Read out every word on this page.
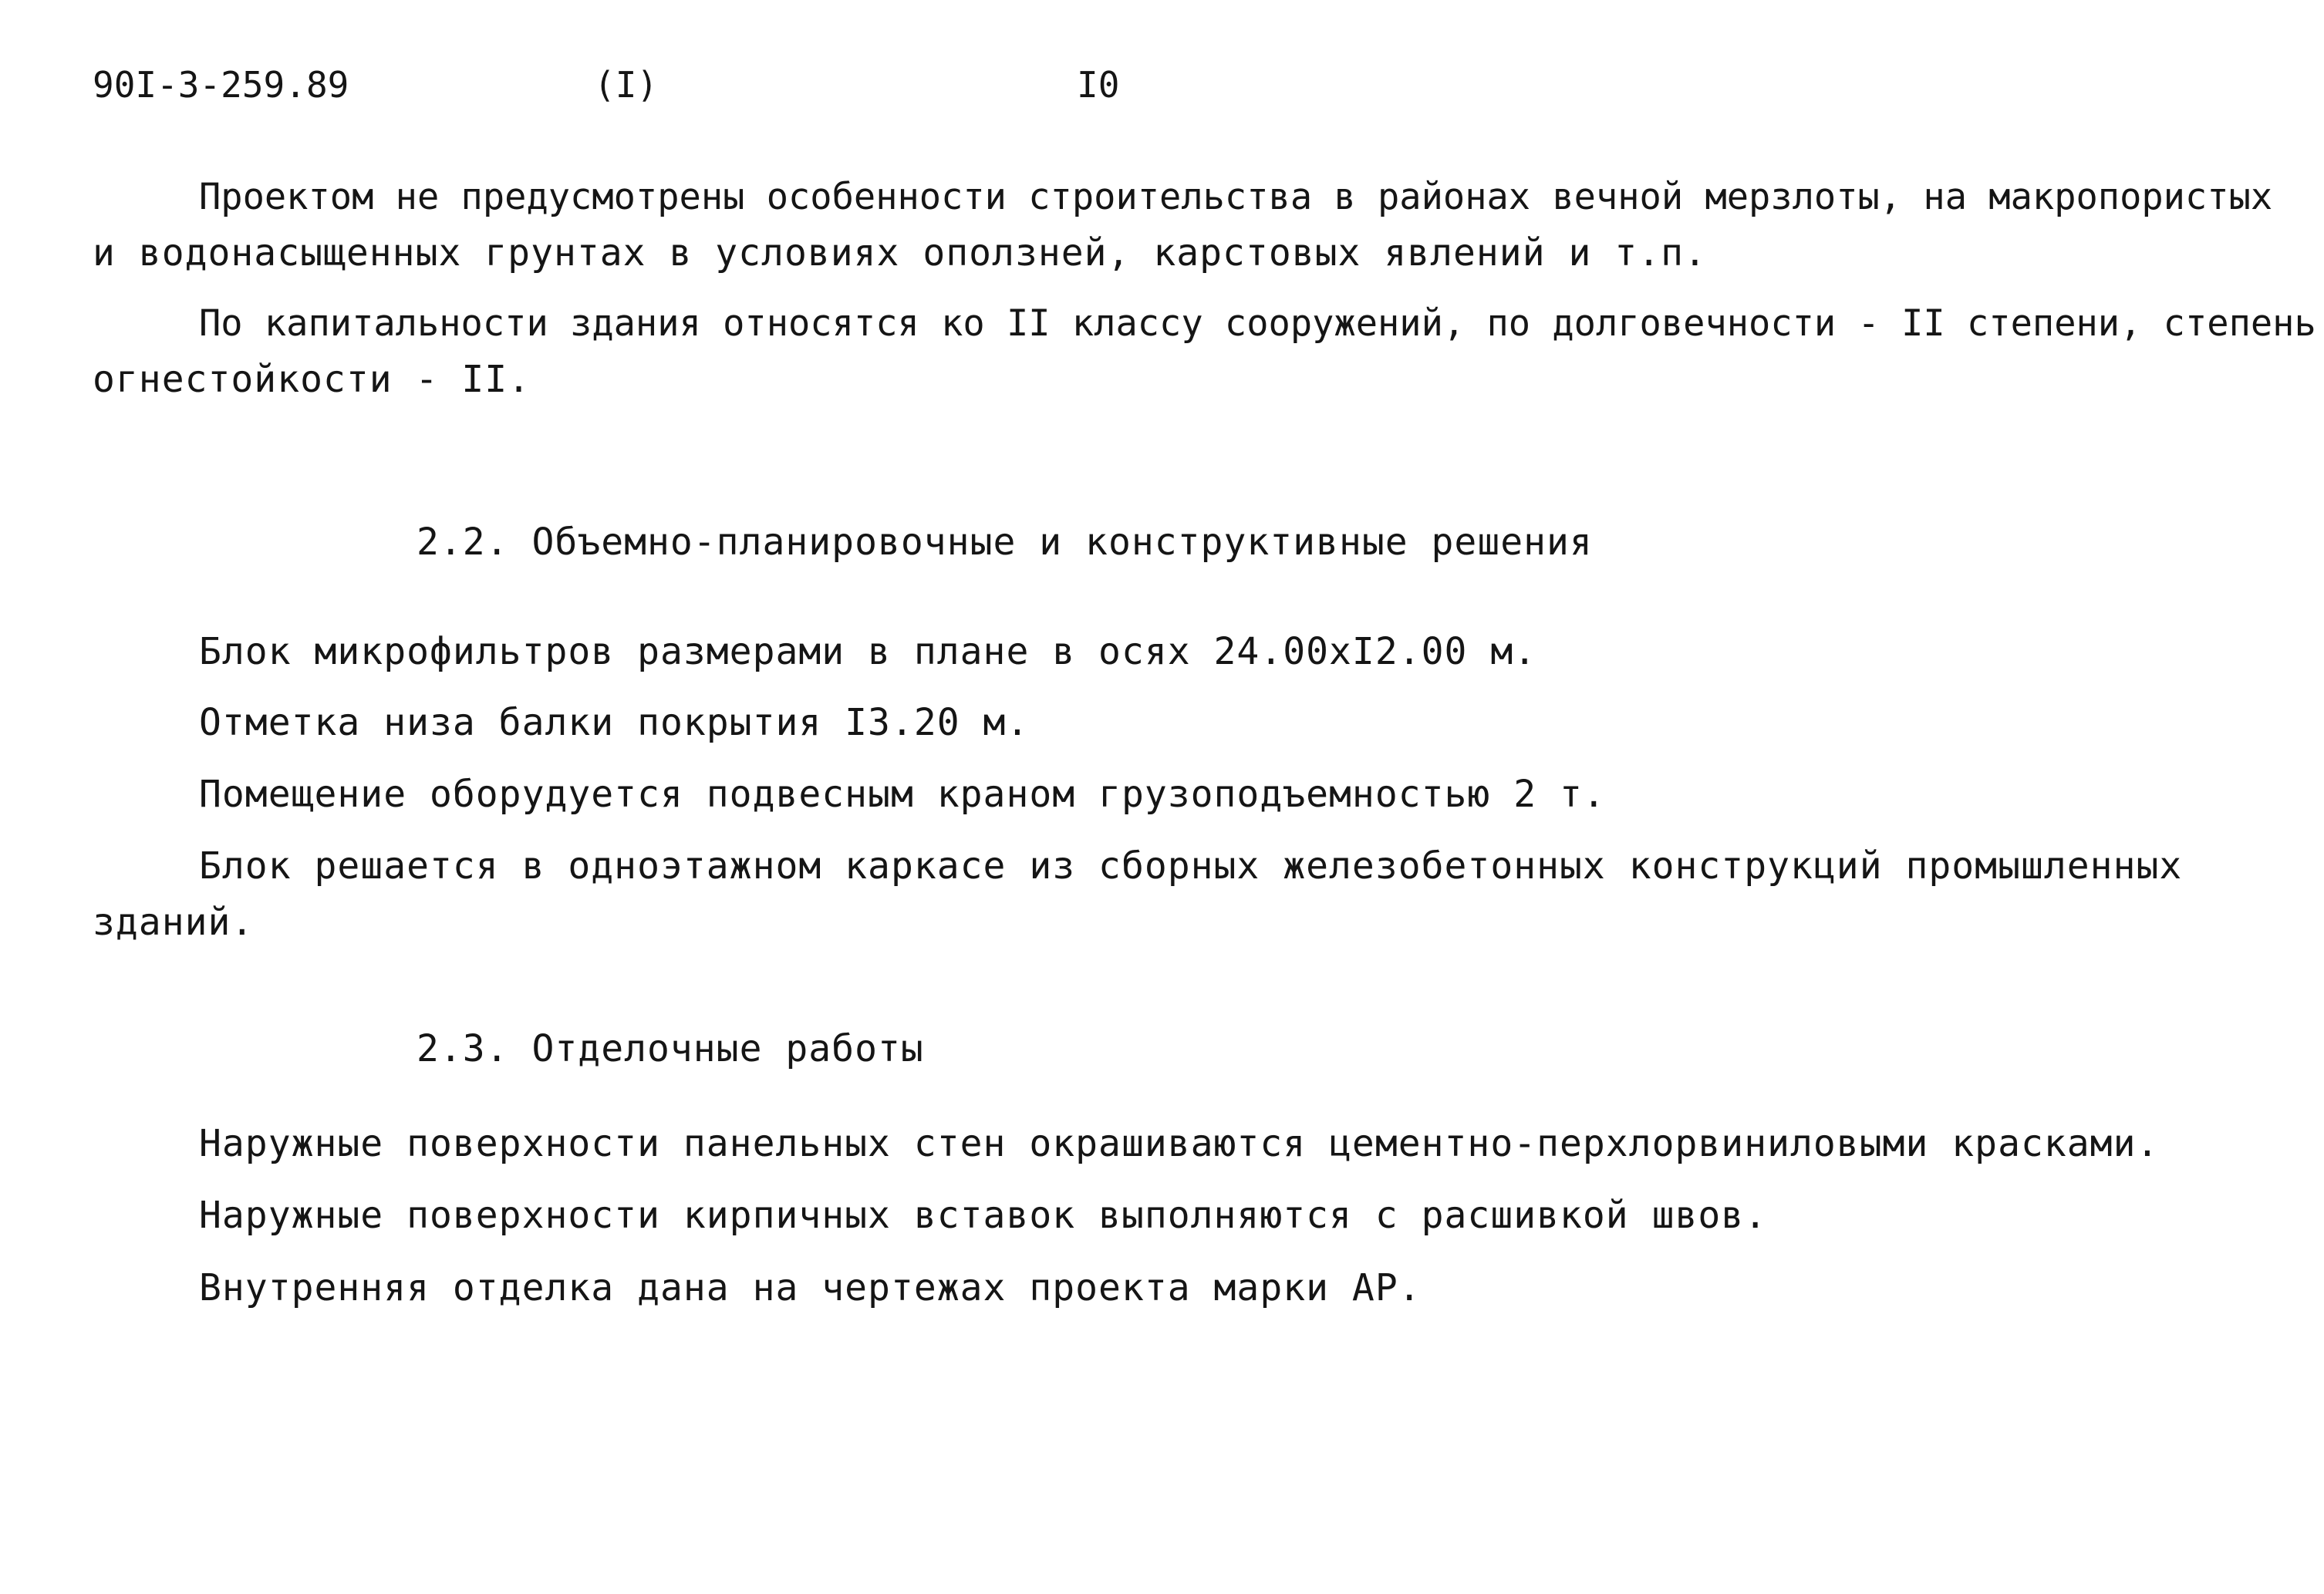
90I-3-259.89	(I)	I0
Проектом не предусмотрены особенности строительства в районах вечной мерзлоты, на макропористых
и водонасыщенных грунтах в условиях оползней, карстовых явлений и т.п.
По капитальности здания относятся ко II классу сооружений, по долговечности - II степени, степень
огнестойкости - II.
2.2. Объемно-планировочные и конструктивные решения
Блок микрофильтров размерами в плане в осях 24.00xI2.00 м.
Отметка низа балки покрытия I3.20 м.
Помещение оборудуется подвесным краном грузоподъемностью 2 т.
Блок решается в одноэтажном каркасе из сборных железобетонных конструкций промышленных
зданий.
2.3. Отделочные работы
Наружные поверхности панельных стен окрашиваются цементно-перхлорвиниловыми красками.
Наружные поверхности кирпичных вставок выполняются с расшивкой швов.
Внутренняя отделка дана на чертежах проекта марки АР.
